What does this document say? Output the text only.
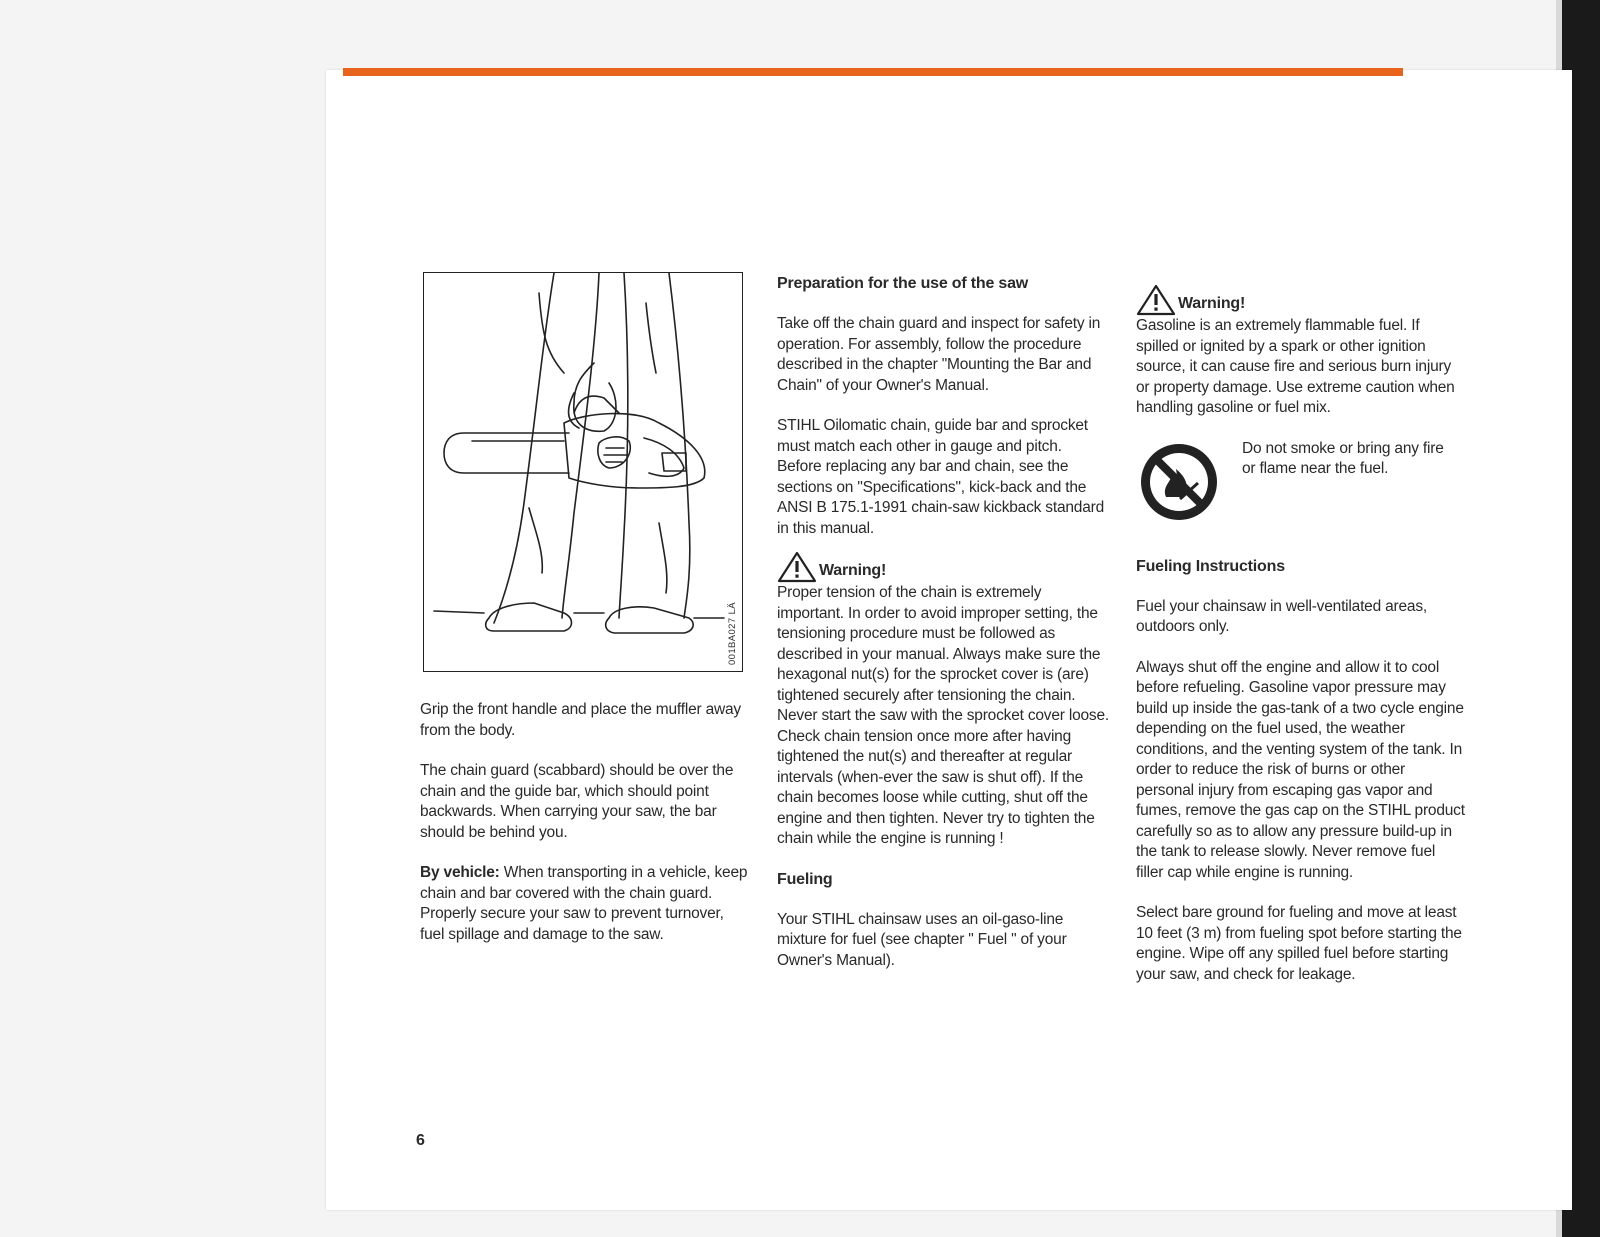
001BA027 LÄ

Grip the front handle and place the muffler away from the body.

The chain guard (scabbard) should be over the chain and the guide bar, which should point backwards. When carrying your saw, the bar should be behind you.

By vehicle: When transporting in a vehicle, keep chain and bar covered with the chain guard. Properly secure your saw to prevent turnover, fuel spillage and damage to the saw.

Preparation for the use of the saw

Take off the chain guard and inspect for safety in operation. For assembly, follow the procedure described in the chapter "Mounting the Bar and Chain" of your Owner's Manual.

STIHL Oilomatic chain, guide bar and sprocket must match each other in gauge and pitch.

Before replacing any bar and chain, see the sections on "Specifications", kick-back and the ANSI B 175.1-1991 chain-saw kickback standard in this manual.

Warning!

Proper tension of the chain is extremely important. In order to avoid improper setting, the tensioning procedure must be followed as described in your manual. Always make sure the hexagonal nut(s) for the sprocket cover is (are) tightened securely after tensioning the chain. Never start the saw with the sprocket cover loose. Check chain tension once more after having tightened the nut(s) and thereafter at regular intervals (when-ever the saw is shut off). If the chain becomes loose while cutting, shut off the engine and then tighten. Never try to tighten the chain while the engine is running !

Fueling

Your STIHL chainsaw uses an oil-gaso-line mixture for fuel (see chapter " Fuel " of your Owner's Manual).

Warning!

Gasoline is an extremely flammable fuel. If spilled or ignited by a spark or other ignition source, it can cause fire and serious burn injury or property damage. Use extreme caution when handling gasoline or fuel mix.

Do not smoke or bring any fire or flame near the fuel.

Fueling Instructions

Fuel your chainsaw in well-ventilated areas, outdoors only.

Always shut off the engine and allow it to cool before refueling. Gasoline vapor pressure may build up inside the gas-tank of a two cycle engine depending on the fuel used, the weather conditions, and the venting system of the tank. In order to reduce the risk of burns or other personal injury from escaping gas vapor and fumes, remove the gas cap on the STIHL product carefully so as to allow any pressure build-up in the tank to release slowly. Never remove fuel filler cap while engine is running.

Select bare ground for fueling and move at least 10 feet (3 m) from fueling spot before starting the engine. Wipe off any spilled fuel before starting your saw, and check for leakage.

6
